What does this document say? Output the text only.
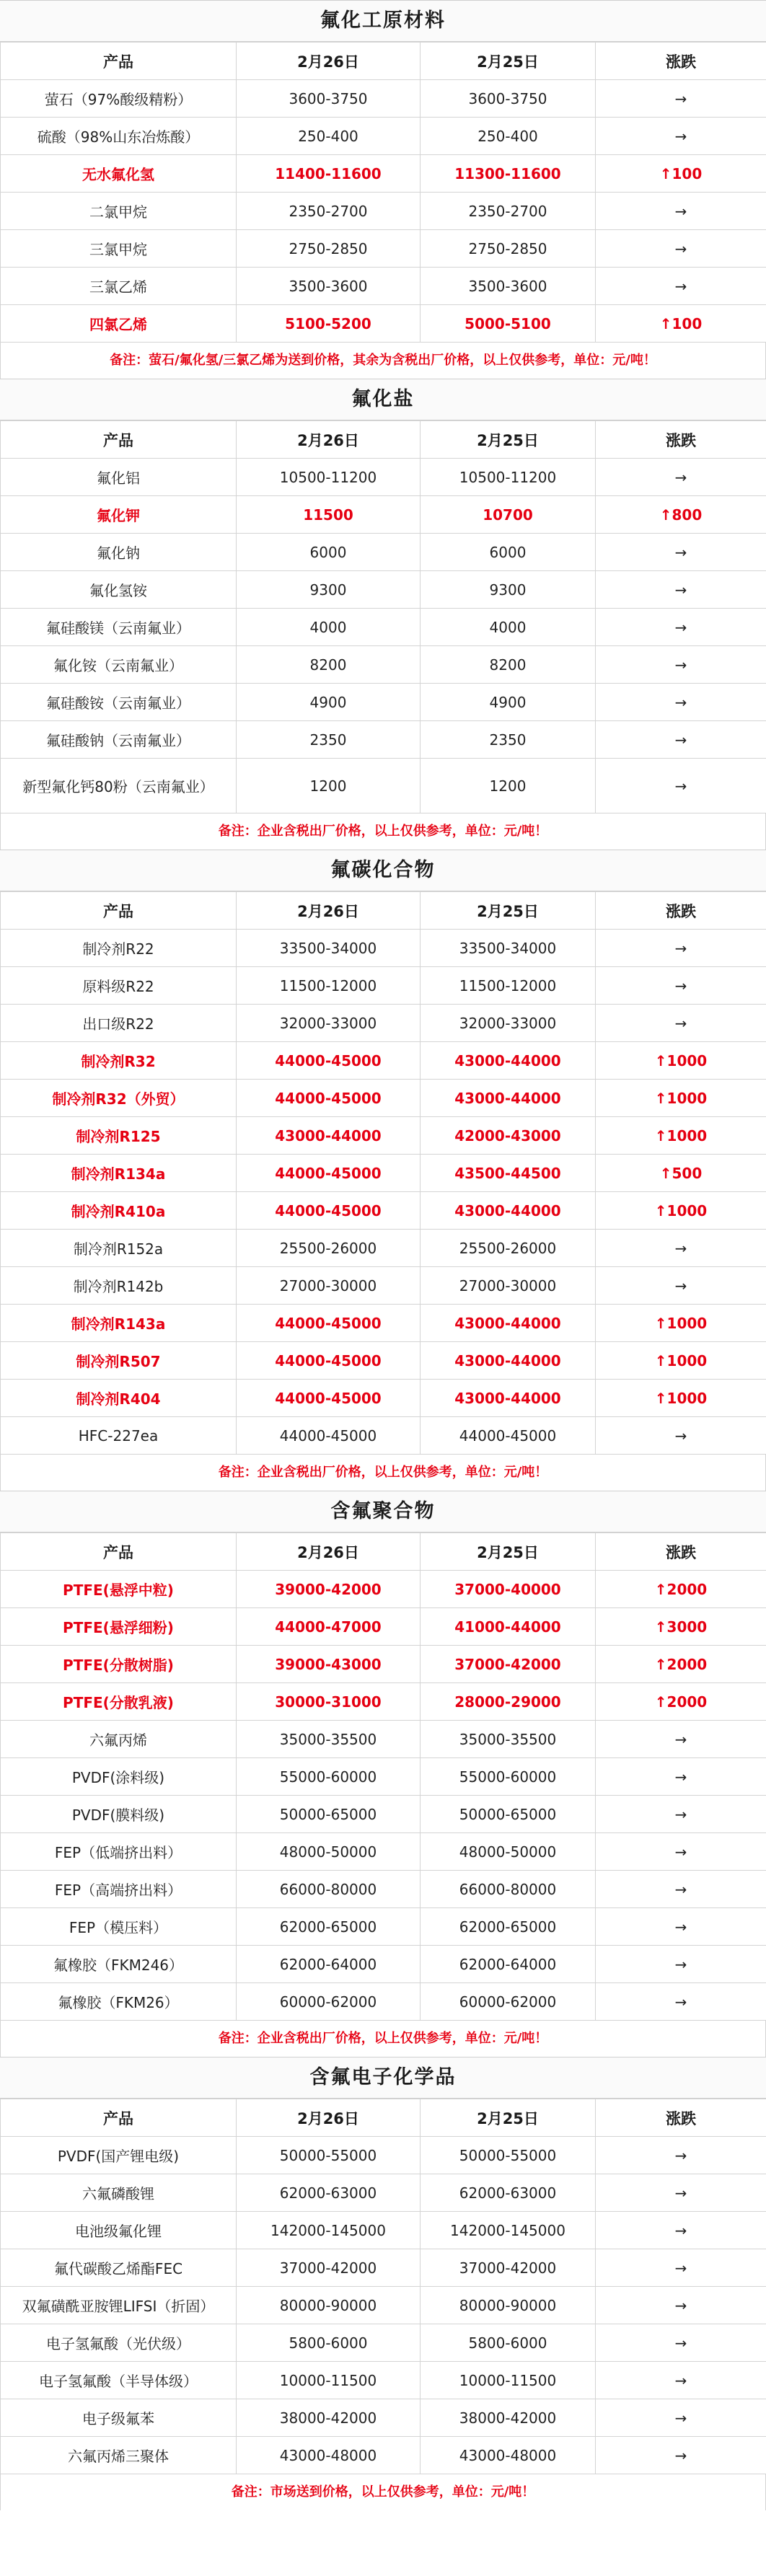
氟化工原材料
产品	2月26日	2月25日	涨跌
萤石（97%酸级精粉）	3600-3750	3600-3750	→
硫酸（98%山东冶炼酸）	250-400	250-400	→
无水氟化氢	11400-11600	11300-11600	↑100
二氯甲烷	2350-2700	2350-2700	→
三氯甲烷	2750-2850	2750-2850	→
三氯乙烯	3500-3600	3500-3600	→
四氯乙烯	5100-5200	5000-5100	↑100
备注：萤石/氟化氢/三氯乙烯为送到价格，其余为含税出厂价格，以上仅供参考，单位：元/吨！
氟化盐
产品	2月26日	2月25日	涨跌
氟化铝	10500-11200	10500-11200	→
氟化钾	11500	10700	↑800
氟化钠	6000	6000	→
氟化氢铵	9300	9300	→
氟硅酸镁（云南氟业）	4000	4000	→
氟化铵（云南氟业）	8200	8200	→
氟硅酸铵（云南氟业）	4900	4900	→
氟硅酸钠（云南氟业）	2350	2350	→
新型氟化钙80粉（云南氟业）	1200	1200	→
备注：企业含税出厂价格，以上仅供参考，单位：元/吨！
氟碳化合物
产品	2月26日	2月25日	涨跌
制冷剂R22	33500-34000	33500-34000	→
原料级R22	11500-12000	11500-12000	→
出口级R22	32000-33000	32000-33000	→
制冷剂R32	44000-45000	43000-44000	↑1000
制冷剂R32（外贸）	44000-45000	43000-44000	↑1000
制冷剂R125	43000-44000	42000-43000	↑1000
制冷剂R134a	44000-45000	43500-44500	↑500
制冷剂R410a	44000-45000	43000-44000	↑1000
制冷剂R152a	25500-26000	25500-26000	→
制冷剂R142b	27000-30000	27000-30000	→
制冷剂R143a	44000-45000	43000-44000	↑1000
制冷剂R507	44000-45000	43000-44000	↑1000
制冷剂R404	44000-45000	43000-44000	↑1000
HFC-227ea	44000-45000	44000-45000	→
备注：企业含税出厂价格，以上仅供参考，单位：元/吨！
含氟聚合物
产品	2月26日	2月25日	涨跌
PTFE(悬浮中粒)	39000-42000	37000-40000	↑2000
PTFE(悬浮细粉)	44000-47000	41000-44000	↑3000
PTFE(分散树脂)	39000-43000	37000-42000	↑2000
PTFE(分散乳液)	30000-31000	28000-29000	↑2000
六氟丙烯	35000-35500	35000-35500	→
PVDF(涂料级)	55000-60000	55000-60000	→
PVDF(膜料级)	50000-65000	50000-65000	→
FEP（低端挤出料）	48000-50000	48000-50000	→
FEP（高端挤出料）	66000-80000	66000-80000	→
FEP（模压料）	62000-65000	62000-65000	→
氟橡胶（FKM246）	62000-64000	62000-64000	→
氟橡胶（FKM26）	60000-62000	60000-62000	→
备注：企业含税出厂价格，以上仅供参考，单位：元/吨！
含氟电子化学品
产品	2月26日	2月25日	涨跌
PVDF(国产锂电级)	50000-55000	50000-55000	→
六氟磷酸锂	62000-63000	62000-63000	→
电池级氟化锂	142000-145000	142000-145000	→
氟代碳酸乙烯酯FEC	37000-42000	37000-42000	→
双氟磺酰亚胺锂LIFSI（折固）	80000-90000	80000-90000	→
电子氢氟酸（光伏级）	5800-6000	5800-6000	→
电子氢氟酸（半导体级）	10000-11500	10000-11500	→
电子级氟苯	38000-42000	38000-42000	→
六氟丙烯三聚体	43000-48000	43000-48000	→
备注：市场送到价格，以上仅供参考，单位：元/吨！
